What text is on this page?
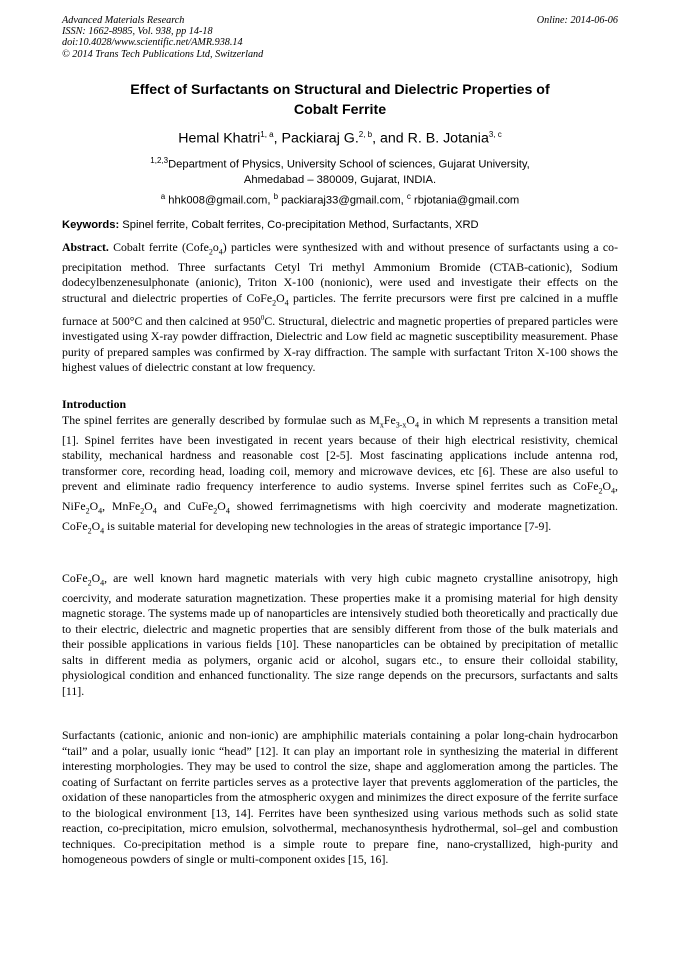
Advanced Materials Research
ISSN: 1662-8985, Vol. 938, pp 14-18
doi:10.4028/www.scientific.net/AMR.938.14
© 2014 Trans Tech Publications Ltd, Switzerland
Online: 2014-06-06
Effect of Surfactants on Structural and Dielectric Properties of
Cobalt Ferrite
Hemal Khatri$^{1, a}$, Packiaraj G.$^{2, b}$, and R. B. Jotania$^{3, c}$
$^{1,2,3}$Department of Physics, University School of sciences, Gujarat University,
Ahmedabad – 380009, Gujarat, INDIA.
$^a$ hhk008@gmail.com, $^b$ packiaraj33@gmail.com, $^c$ rbjotania@gmail.com
Keywords: Spinel ferrite, Cobalt ferrites, Co-precipitation Method, Surfactants, XRD
Abstract. Cobalt ferrite $(Cofe_2o_4)$ particles were synthesized with and without presence of surfactants using a co-precipitation method. Three surfactants Cetyl Tri methyl Ammonium Bromide (CTAB-cationic), Sodium dodecylbenzenesulphonate (anionic), Triton X-100 (nonionic), were used and investigate their effects on the structural and dielectric properties of $CoFe_2O_4$ particles. The ferrite precursors were first pre calcined in a muffle furnace at 500°C and then calcined at $950^0C$. Structural, dielectric and magnetic properties of prepared particles were investigated using X-ray powder diffraction, Dielectric and Low field ac magnetic susceptibility measurement. Phase purity of prepared samples was confirmed by X-ray diffraction. The sample with surfactant Triton X-100 shows the highest values of dielectric constant at low frequency.
Introduction
The spinel ferrites are generally described by formulae such as $M_xFe_{3-x}O_4$ in which M represents a transition metal [1]. Spinel ferrites have been investigated in recent years because of their high electrical resistivity, chemical stability, mechanical hardness and reasonable cost [2-5]. Most fascinating applications include antenna rod, transformer core, recording head, loading coil, memory and microwave devices, etc [6]. These are also useful to prevent and eliminate radio frequency interference to audio systems. Inverse spinel ferrites such as $CoFe_2O_4$, $NiFe_2O_4$, $MnFe_2O_4$ and $CuFe_2O_4$ showed ferrimagnetisms with high coercivity and moderate magnetization. $CoFe_2O_4$ is suitable material for developing new technologies in the areas of strategic importance [7-9].
$CoFe_2O_4$, are well known hard magnetic materials with very high cubic magneto crystalline anisotropy, high coercivity, and moderate saturation magnetization. These properties make it a promising material for high density magnetic storage. The systems made up of nanoparticles are intensively studied both theoretically and practically due to their electric, dielectric and magnetic properties that are sensibly different from those of the bulk materials and their possible applications in various fields [10]. These nanoparticles can be obtained by precipitation of metallic salts in different media as polymers, organic acid or alcohol, sugars etc., to ensure their colloidal stability, physiological condition and enhanced functionality. The size range depends on the precursors, surfactants and salts [11].
Surfactants (cationic, anionic and non-ionic) are amphiphilic materials containing a polar long-chain hydrocarbon “tail” and a polar, usually ionic “head” [12]. It can play an important role in synthesizing the material in different interesting morphologies. They may be used to control the size, shape and agglomeration among the particles. The coating of Surfactant on ferrite particles serves as a protective layer that prevents agglomeration of the particles, the oxidation of these nanoparticles from the atmospheric oxygen and minimizes the direct exposure of the ferrite surface to the biological environment [13, 14]. Ferrites have been synthesized using various methods such as solid state reaction, co-precipitation, micro emulsion, solvothermal, mechanosynthesis hydrothermal, sol–gel and combustion techniques. Co-precipitation method is a simple route to prepare fine, nano-crystallized, high-purity and homogeneous powders of single or multi-component oxides [15, 16].
